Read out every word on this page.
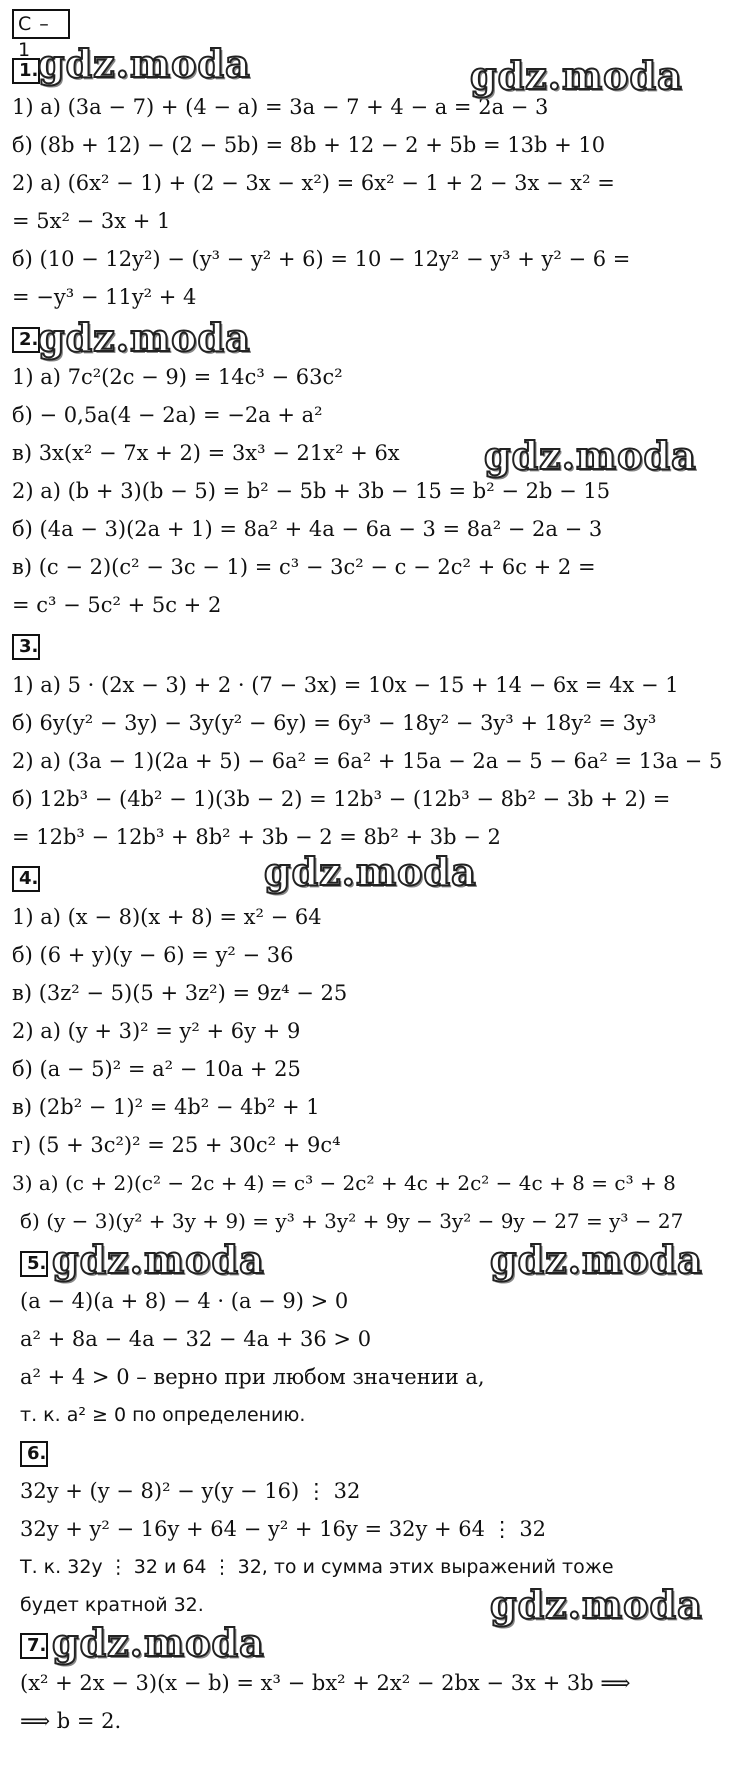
С – 1
1.
1) а) (3a − 7) + (4 − a) = 3a − 7 + 4 − a = 2a − 3
б) (8b + 12) − (2 − 5b) = 8b + 12 − 2 + 5b = 13b + 10
2) а) (6x² − 1) + (2 − 3x − x²) = 6x² − 1 + 2 − 3x − x² =
= 5x² − 3x + 1
б) (10 − 12y²) − (y³ − y² + 6) = 10 − 12y² − y³ + y² − 6 =
= −y³ − 11y² + 4
2.
1) а) 7c²(2c − 9) = 14c³ − 63c²
б) − 0,5a(4 − 2a) = −2a + a²
в) 3x(x² − 7x + 2) = 3x³ − 21x² + 6x
2) а) (b + 3)(b − 5) = b² − 5b + 3b − 15 = b² − 2b − 15
б) (4a − 3)(2a + 1) = 8a² + 4a − 6a − 3 = 8a² − 2a − 3
в) (c − 2)(c² − 3c − 1) = c³ − 3c² − c − 2c² + 6c + 2 =
= c³ − 5c² + 5c + 2
3.
1) а) 5 · (2x − 3) + 2 · (7 − 3x) = 10x − 15 + 14 − 6x = 4x − 1
б) 6y(y² − 3y) − 3y(y² − 6y) = 6y³ − 18y² − 3y³ + 18y² = 3y³
2) а) (3a − 1)(2a + 5) − 6a² = 6a² + 15a − 2a − 5 − 6a² = 13a − 5
б) 12b³ − (4b² − 1)(3b − 2) = 12b³ − (12b³ − 8b² − 3b + 2) =
= 12b³ − 12b³ + 8b² + 3b − 2 = 8b² + 3b − 2
4.
1) а) (x − 8)(x + 8) = x² − 64
б) (6 + y)(y − 6) = y² − 36
в) (3z² − 5)(5 + 3z²) = 9z⁴ − 25
2) а) (y + 3)² = y² + 6y + 9
б) (a − 5)² = a² − 10a + 25
в) (2b² − 1)² = 4b² − 4b² + 1
г) (5 + 3c²)² = 25 + 30c² + 9c⁴
3) а) (c + 2)(c² − 2c + 4) = c³ − 2c² + 4c + 2c² − 4c + 8 = c³ + 8
б) (y − 3)(y² + 3y + 9) = y³ + 3y² + 9y − 3y² − 9y − 27 = y³ − 27
5.
(a − 4)(a + 8) − 4 · (a − 9) > 0
a² + 8a − 4a − 32 − 4a + 36 > 0
a² + 4 > 0 – верно при любом значении a,
т. к. a² ≥ 0 по определению.
6.
32y + (y − 8)² − y(y − 16) ⋮ 32
32y + y² − 16y + 64 − y² + 16y = 32y + 64 ⋮ 32
Т. к. 32y ⋮ 32 и 64 ⋮ 32, то и сумма этих выражений тоже
будет кратной 32.
7.
(x² + 2x − 3)(x − b) = x³ − bx² + 2x² − 2bx − 3x + 3b ⟹
⟹ b = 2.
gdz.moda	gdz.moda
gdz.moda
gdz.moda
gdz.moda
gdz.moda	gdz.moda
gdz.moda
gdz.moda
